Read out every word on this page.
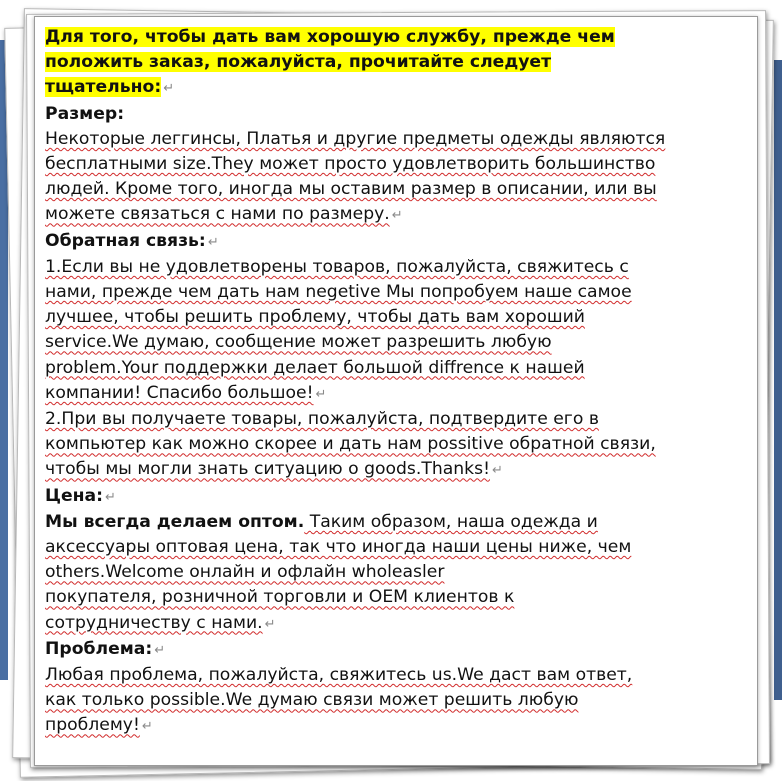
Для того, чтобы дать вам хорошую службу, прежде чем

положить заказ, пожалуйста, прочитайте следует

тщательно: ↵

Размер:

Некоторые леггинсы, Платья и другие предметы одежды являются

бесплатными size.They может просто удовлетворить большинство

людей. Кроме того, иногда мы оставим размер в описании, или вы

можете связаться с нами по размеру. ↵

Обратная связь: ↵

1.Если вы не удовлетворены товаров, пожалуйста, свяжитесь с

нами, прежде чем дать нам negetive Мы попробуем наше самое

лучшее, чтобы решить проблему, чтобы дать вам хороший

service.We думаю, сообщение может разрешить любую

problem.Your поддержки делает большой diffrence к нашей

компании! Спасибо большое! ↵

2.При вы получаете товары, пожалуйста, подтвердите его в

компьютер как можно скорее и дать нам possitive обратной связи,

чтобы мы могли знать ситуацию о goods.Thanks! ↵

Цена: ↵

Мы всегда делаем оптом. Таким образом, наша одежда и

аксессуары оптовая цена, так что иногда наши цены ниже, чем

others.Welcome онлайн и офлайн wholeasler

покупателя, розничной торговли и OEM клиентов к

сотрудничеству с нами. ↵

Проблема: ↵

Любая проблема, пожалуйста, свяжитесь us.We даст вам ответ,

как только possible.We думаю связи может решить любую

проблему! ↵
